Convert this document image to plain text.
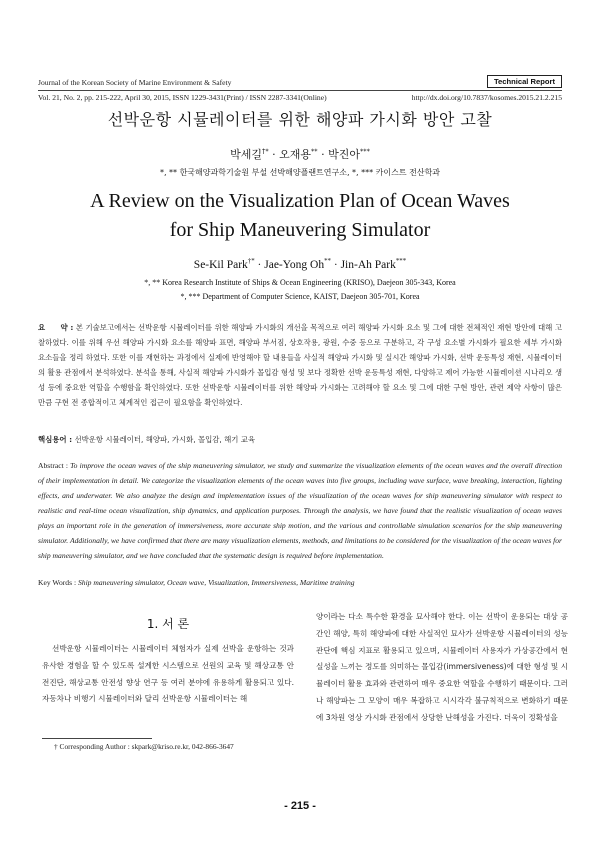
Technical Report
Journal of the Korean Society of Marine Environment & Safety
Vol. 21, No. 2, pp. 215-222, April 30, 2015, ISSN 1229-3431(Print) / ISSN 2287-3341(Online)	http://dx.doi.org/10.7837/kosomes.2015.21.2.215
선박운항 시뮬레이터를 위한 해양파 가시화 방안 고찰
박세길†* · 오재용** · 박진아***
*, ** 한국해양과학기술원 부설 선박해양플랜트연구소, *, *** 카이스트 전산학과
A Review on the Visualization Plan of Ocean Waves
for Ship Maneuvering Simulator
Se-Kil Park†* · Jae-Yong Oh** · Jin-Ah Park***
*, ** Korea Research Institute of Ships & Ocean Engineering (KRISO), Daejeon 305-343, Korea
*, *** Department of Computer Science, KAIST, Daejeon 305-701, Korea
요　　약 : 본 기술보고에서는 선박운항 시뮬레이터를 위한 해양파 가시화의 개선을 목적으로 여러 해양파 가시화 요소 및 그에 대한 전체적인 재현 방안에 대해 고찰하였다. 이를 위해 우선 해양파 가시화 요소를 해양파 표면, 해양파 부서짐, 상호작용, 광원, 수중 등으로 구분하고, 각 구성 요소별 가시화가 필요한 세부 가시화 요소들을 정리 하였다. 또한 이를 재현하는 과정에서 실제에 반영해야 할 내용들을 사실적 해양파 가시화 및 실시간 해양파 가시화, 선박 운동특성 재현, 시뮬레이터의 활용 관점에서 분석하였다. 분석을 통해, 사실적 해양파 가시화가 몰입감 형성 및 보다 정확한 선박 운동특성 재현, 다양하고 제어 가능한 시뮬레이션 시나리오 생성 등에 중요한 역할을 수행함을 확인하였다. 또한 선박운항 시뮬레이터를 위한 해양파 가시화는 고려해야 할 요소 및 그에 대한 구현 방안, 관련 제약 사항이 많은 만큼 구현 전 종합적이고 체계적인 접근이 필요함을 확인하였다.
핵심용어 : 선박운항 시뮬레이터, 해양파, 가시화, 몰입감, 해기 교육
Abstract : To improve the ocean waves of the ship maneuvering simulator, we study and summarize the visualization elements of the ocean waves and the overall direction of their implementation in detail. We categorize the visualization elements of the ocean waves into five groups, including wave surface, wave breaking, interaction, lighting effects, and underwater. We also analyze the design and implementation issues of the visualization of the ocean waves for ship maneuvering simulator with respect to realistic and real-time ocean visualization, ship dynamics, and application purposes. Through the analysis, we have found that the realistic visualization of ocean waves plays an important role in the generation of immersiveness, more accurate ship motion, and the various and controllable simulation scenarios for the ship maneuvering simulator. Additionally, we have confirmed that there are many visualization elements, methods, and limitations to be considered for the visualization of the ocean waves for ship maneuvering simulator, and we have concluded that the systematic design is required before implementation.
Key Words : Ship maneuvering simulator, Ocean wave, Visualization, Immersiveness, Maritime training
1. 서 론
선박운항 시뮬레이터는 시뮬레이터 체험자가 실제 선박을 운항하는 것과 유사한 경험을 할 수 있도록 설계한 시스템으로 선원의 교육 및 해상교통 안전진단, 해상교통 안전성 향상 연구 등 여러 분야에 유용하게 활용되고 있다. 자동차나 비행기 시뮬레이터와 달리 선박운항 시뮬레이터는 해
양이라는 다소 특수한 환경을 묘사해야 한다. 이는 선박이 운용되는 대상 공간인 해양, 특히 해양파에 대한 사실적인 묘사가 선박운항 시뮬레이터의 성능 관단에 핵심 지표로 활용되고 있으며, 시뮬레이터 사용자가 가상공간에서 현실성을 느끼는 정도를 의미하는 몰입감(immersiveness)에 대한 형성 및 시뮬레이터 활용 효과와 관련하여 매우 중요한 역할을 수행하기 때문이다. 그러나 해양파는 그 모양이 매우 복잡하고 시시각각 불규칙적으로 변화하기 때문에 3차원 영상 가시화 관점에서 상당한 난해성을 가진다. 더욱이 정확성을
† Corresponding Author : skpark@kriso.re.kr, 042-866-3647
- 215 -
